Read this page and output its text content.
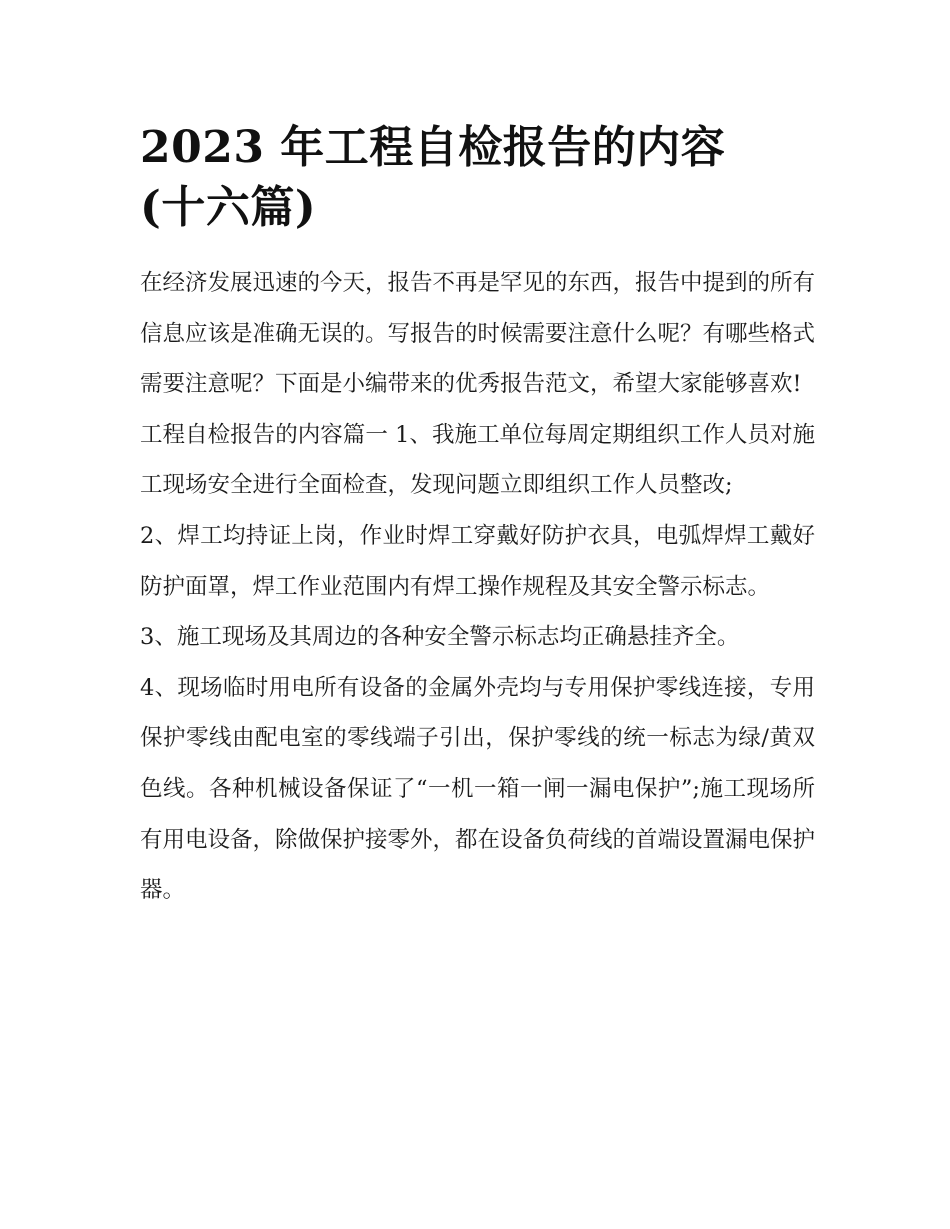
2023 年工程自检报告的内容
(十六篇)

在经济发展迅速的今天，报告不再是罕见的东西，报告中提到的所有信息应该是准确无误的。写报告的时候需要注意什么呢？有哪些格式需要注意呢？下面是小编带来的优秀报告范文，希望大家能够喜欢!

工程自检报告的内容篇一 1、我施工单位每周定期组织工作人员对施工现场安全进行全面检查，发现问题立即组织工作人员整改;

2、焊工均持证上岗，作业时焊工穿戴好防护衣具，电弧焊焊工戴好防护面罩，焊工作业范围内有焊工操作规程及其安全警示标志。

3、施工现场及其周边的各种安全警示标志均正确悬挂齐全。

4、现场临时用电所有设备的金属外壳均与专用保护零线连接，专用保护零线由配电室的零线端子引出，保护零线的统一标志为绿/黄双色线。各种机械设备保证了“一机一箱一闸一漏电保护”;施工现场所有用电设备，除做保护接零外，都在设备负荷线的首端设置漏电保护器。
